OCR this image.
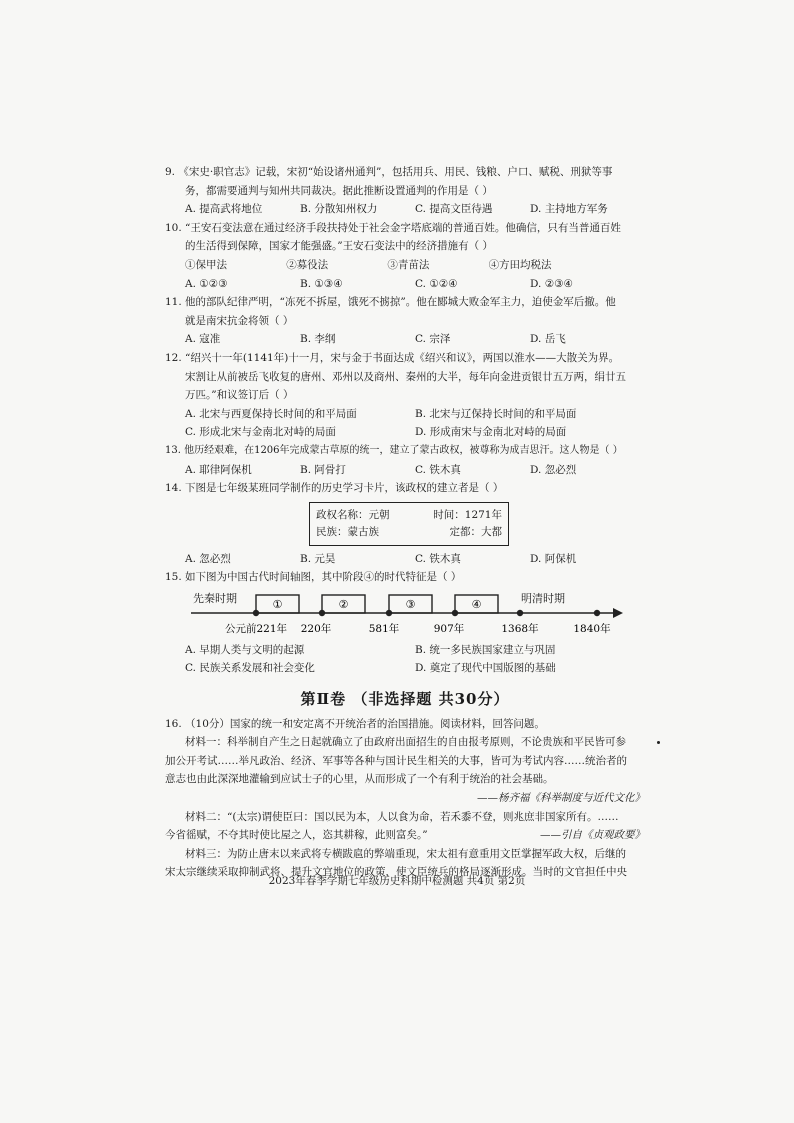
9. 《宋史·职官志》记载，宋初“始设诸州通判”，包括用兵、用民、钱粮、户口、赋税、刑狱等事

务，都需要通判与知州共同裁决。据此推断设置通判的作用是（ ）

A. 提高武将地位	B. 分散知州权力	C. 提高文臣待遇	D. 主持地方军务

10. “王安石变法意在通过经济手段扶持处于社会金字塔底端的普通百姓。他确信，只有当普通百姓

的生活得到保障，国家才能强盛。”王安石变法中的经济措施有（ ）

①保甲法	②募役法	③青苗法	④方田均税法
A. ①②③	B. ①③④	C. ①②④	D. ②③④

11. 他的部队纪律严明，“冻死不拆屋，饿死不掳掠”。他在郾城大败金军主力，迫使金军后撤。他

就是南宋抗金将领（ ）

A. 寇准	B. 李纲	C. 宗泽	D. 岳飞

12. “绍兴十一年(1141年)十一月，宋与金于书面达成《绍兴和议》，两国以淮水——大散关为界。

宋割让从前被岳飞收复的唐州、邓州以及商州、秦州的大半，每年向金进贡银廿五万两，绢廿五

万匹。”和议签订后（ ）

A. 北宋与西夏保持长时间的和平局面	B. 北宋与辽保持长时间的和平局面
C. 形成北宋与金南北对峙的局面	D. 形成南宋与金南北对峙的局面

13. 他历经艰难，在1206年完成蒙古草原的统一，建立了蒙古政权，被尊称为成吉思汗。这人物是（ ）

A. 耶律阿保机	B. 阿骨打	C. 铁木真	D. 忽必烈

14. 下图是七年级某班同学制作的历史学习卡片，该政权的建立者是（ ）

政权名称：元朝	时间：1271年
民族：蒙古族	定都：大都
A. 忽必烈	B. 元昊	C. 铁木真	D. 阿保机

15. 如下图为中国古代时间轴图，其中阶段④的时代特征是（ ）

先秦时期	明清时期
①	②	③	④
公元前221年 220年	581年	907年	1368年	1840年
A. 早期人类与文明的起源	B. 统一多民族国家建立与巩固
C. 民族关系发展和社会变化	D. 奠定了现代中国版图的基础
第Ⅱ卷 （非选择题 共30分）

16. （10分）国家的统一和安定离不开统治者的治国措施。阅读材料，回答问题。

材料一：科举制自产生之日起就确立了由政府出面招生的自由报考原则，不论贵族和平民皆可参

加公开考试……举凡政治、经济、军事等各种与国计民生相关的大事，皆可为考试内容……统治者的

意志也由此深深地灌输到应试士子的心里，从而形成了一个有利于统治的社会基础。

——杨齐福《科举制度与近代文化》

材料二：“(太宗)谓使臣曰：国以民为本，人以食为命，若禾黍不登，则兆庶非国家所有。……

今省徭赋，不夺其时使比屋之人，恣其耕稼，此则富矣。”	——引自《贞观政要》

材料三：为防止唐末以来武将专横跋扈的弊端重现，宋太祖有意重用文臣掌握军政大权，后继的

宋太宗继续采取抑制武将、提升文官地位的政策，使文臣统兵的格局逐渐形成。当时的文官担任中央

2023年春季学期七年级历史科期中检测题 共4页 第2页
